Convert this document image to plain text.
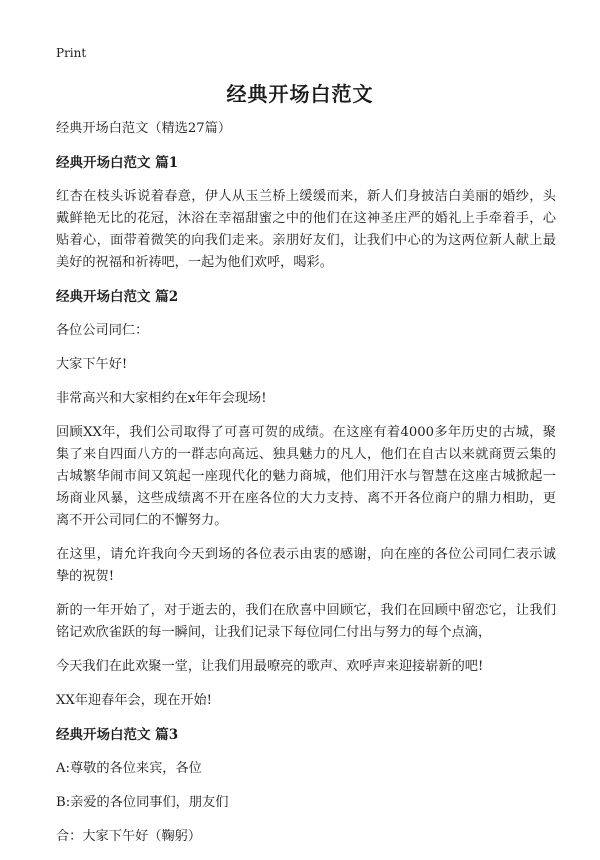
Print
经典开场白范文

经典开场白范文（精选27篇）

经典开场白范文 篇1

红杏在枝头诉说着春意，伊人从玉兰桥上缓缓而来，新人们身披洁白美丽的婚纱，头戴鲜艳无比的花冠，沐浴在幸福甜蜜之中的他们在这神圣庄严的婚礼上手牵着手，心贴着心，面带着微笑的向我们走来。亲朋好友们，让我们中心的为这两位新人献上最美好的祝福和祈祷吧，一起为他们欢呼，喝彩。

经典开场白范文 篇2

各位公司同仁：

大家下午好!

非常高兴和大家相约在x年年会现场!

回顾XX年，我们公司取得了可喜可贺的成绩。在这座有着4000多年历史的古城，聚集了来自四面八方的一群志向高远、独具魅力的凡人，他们在自古以来就商贾云集的古城繁华闹市间又筑起一座现代化的魅力商城，他们用汗水与智慧在这座古城掀起一场商业风暴，这些成绩离不开在座各位的大力支持、离不开各位商户的鼎力相助，更离不开公司同仁的不懈努力。

在这里，请允许我向今天到场的各位表示由衷的感谢，向在座的各位公司同仁表示诚挚的祝贺!

新的一年开始了，对于逝去的，我们在欣喜中回顾它，我们在回顾中留恋它，让我们铭记欢欣雀跃的每一瞬间，让我们记录下每位同仁付出与努力的每个点滴，

今天我们在此欢聚一堂，让我们用最嘹亮的歌声、欢呼声来迎接崭新的吧!

XX年迎春年会，现在开始!

经典开场白范文 篇3

A:尊敬的各位来宾，各位

B:亲爱的各位同事们，朋友们

合：大家下午好（鞠躬）
